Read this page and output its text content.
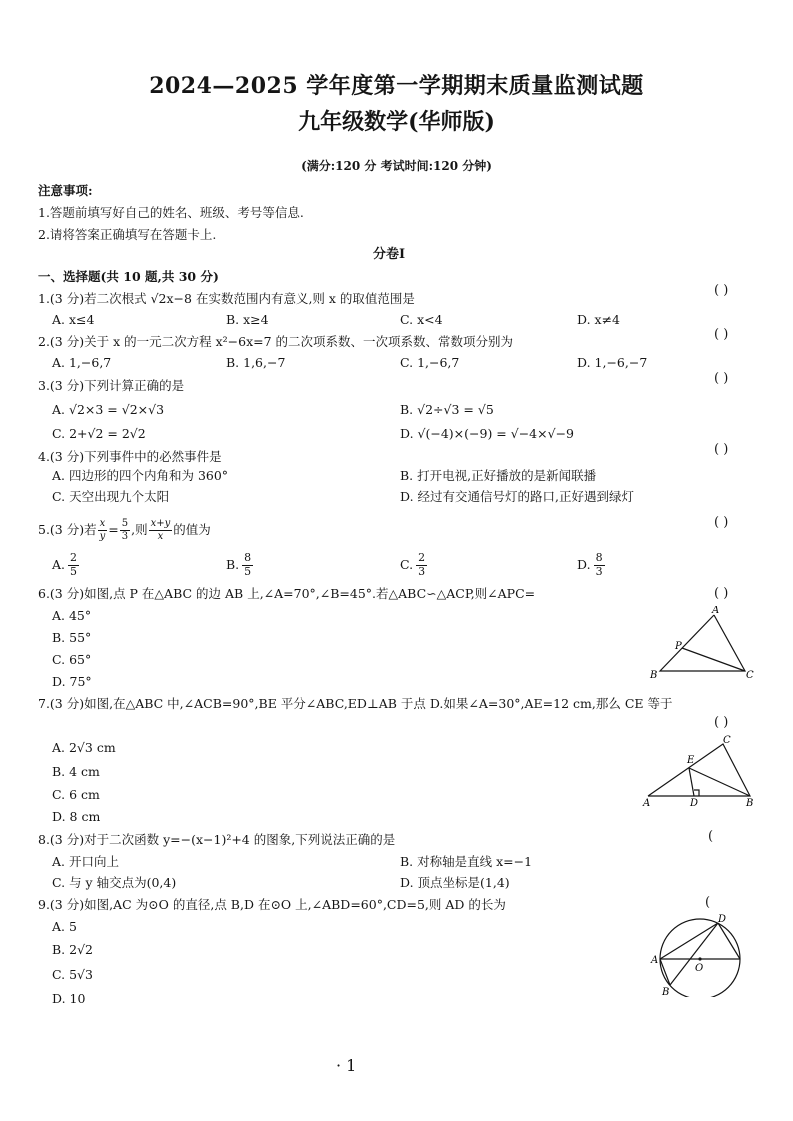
2024—2025 学年度第一学期期末质量监测试题
九年级数学(华师版)
(满分:120 分 考试时间:120 分钟)
注意事项:
1.答题前填写好自己的姓名、班级、考号等信息.
2.请将答案正确填写在答题卡上.
分卷Ⅰ
一、选择题(共 10 题,共 30 分)
1.(3 分)若二次根式 √2x−8 在实数范围内有意义,则 x 的取值范围是
( )
A. x≤4	B. x≥4	C. x<4	D. x≠4
2.(3 分)关于 x 的一元二次方程 x²−6x=7 的二次项系数、一次项系数、常数项分别为	( )
A. 1,−6,7	B. 1,6,−7	C. 1,−6,7	D. 1,−6,−7
3.(3 分)下列计算正确的是	( )
A. √2×3 = √2×√3	B. √2÷√3 = √5
C. 2+√2 = 2√2	D. √(−4)×(−9) = √−4×√−9
4.(3 分)下列事件中的必然事件是	( )
A. 四边形的四个内角和为 360°	B. 打开电视,正好播放的是新闻联播
C. 天空出现九个太阳	D. 经过有交通信号灯的路口,正好遇到绿灯
5.(3 分)若 $\frac{x}{y} = \frac{5}{3}$ ,则 $\frac{x+y}{x}$ 的值为	( )
A. $\frac{2}{5}$	B. $\frac{8}{5}$	C. $\frac{2}{3}$	D. $\frac{8}{3}$
6.(3 分)如图,点 P 在△ABC 的边 AB 上,∠A=70°,∠B=45°.若△ABC∽△ACP,则∠APC=	( )
A. 45°
B. 55°
C. 65°
D. 75°
A
P
B	C
7.(3 分)如图,在△ABC 中,∠ACB=90°,BE 平分∠ABC,ED⊥AB 于点 D.如果∠A=30°,AE=12 cm,那么 CE 等于
( )
A. 2√3 cm
B. 4 cm
C. 6 cm
D. 8 cm
C
E
A	D	B
8.(3 分)对于二次函数 y=−(x−1)²+4 的图象,下列说法正确的是	(
A. 开口向上	B. 对称轴是直线 x=−1
C. 与 y 轴交点为(0,4)	D. 顶点坐标是(1,4)
9.(3 分)如图,AC 为⊙O 的直径,点 B,D 在⊙O 上,∠ABD=60°,CD=5,则 AD 的长为	(
A. 5
B. 2√2
C. 5√3
D. 10
D
A
O
B
· 1
